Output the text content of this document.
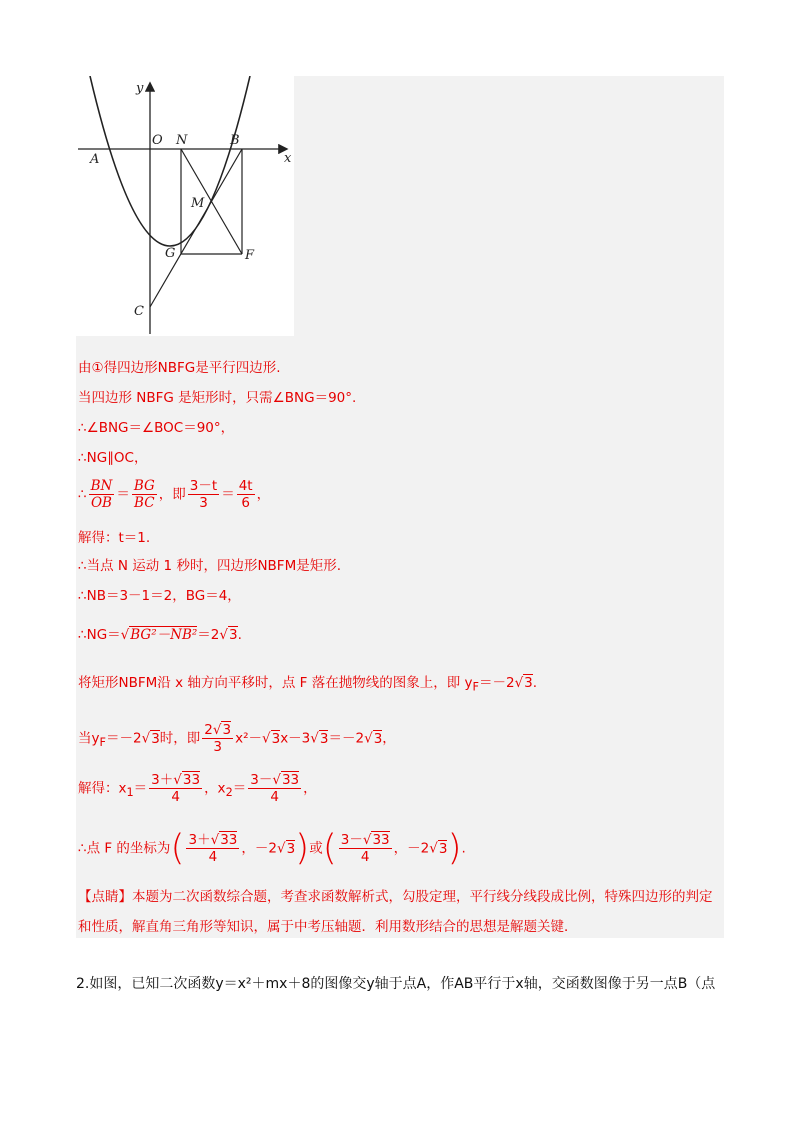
y
x
O N	B
A
M
G	F
C
由①得四边形NBFG是平行四边形.
当四边形 NBFG 是矩形时，只需∠BNG＝90°.
∴∠BNG＝∠BOC＝90°，
∴NG∥OC，
∴ $\frac{BN}{OB} = \frac{BG}{BC}$ ，即 $\frac{3-t}{3} = \frac{4t}{6}$ ，
解得：t＝1.
∴当点 N 运动 1 秒时，四边形NBFM是矩形.
∴NB＝3－1＝2，BG＝4，
∴NG＝√BG²－NB²＝2√3.
将矩形NBFM沿 x 轴方向平移时，点 F 落在抛物线的图象上，即 $y_F=-2√3$.
当$y_F=-2√3$时，即 $\frac{2√3}{3} x^2-√3x-3√3=-2√3$，
解得：$x_1= \frac{3+√33}{4}$ ，$x_2= \frac{3-√33}{4}$ ，
∴点 F 的坐标为( $\frac{3+√33}{4}$ ，－2√3)或( $\frac{3-√33}{4}$ ，－2√3).
【点睛】本题为二次函数综合题，考查求函数解析式，勾股定理，平行线分线段成比例，特殊四边形的判定和性质，解直角三角形等知识，属于中考压轴题．利用数形结合的思想是解题关键．
2.如图，已知二次函数y＝x²＋mx＋8的图像交y轴于点A，作AB平行于x轴，交函数图像于另一点B（点
